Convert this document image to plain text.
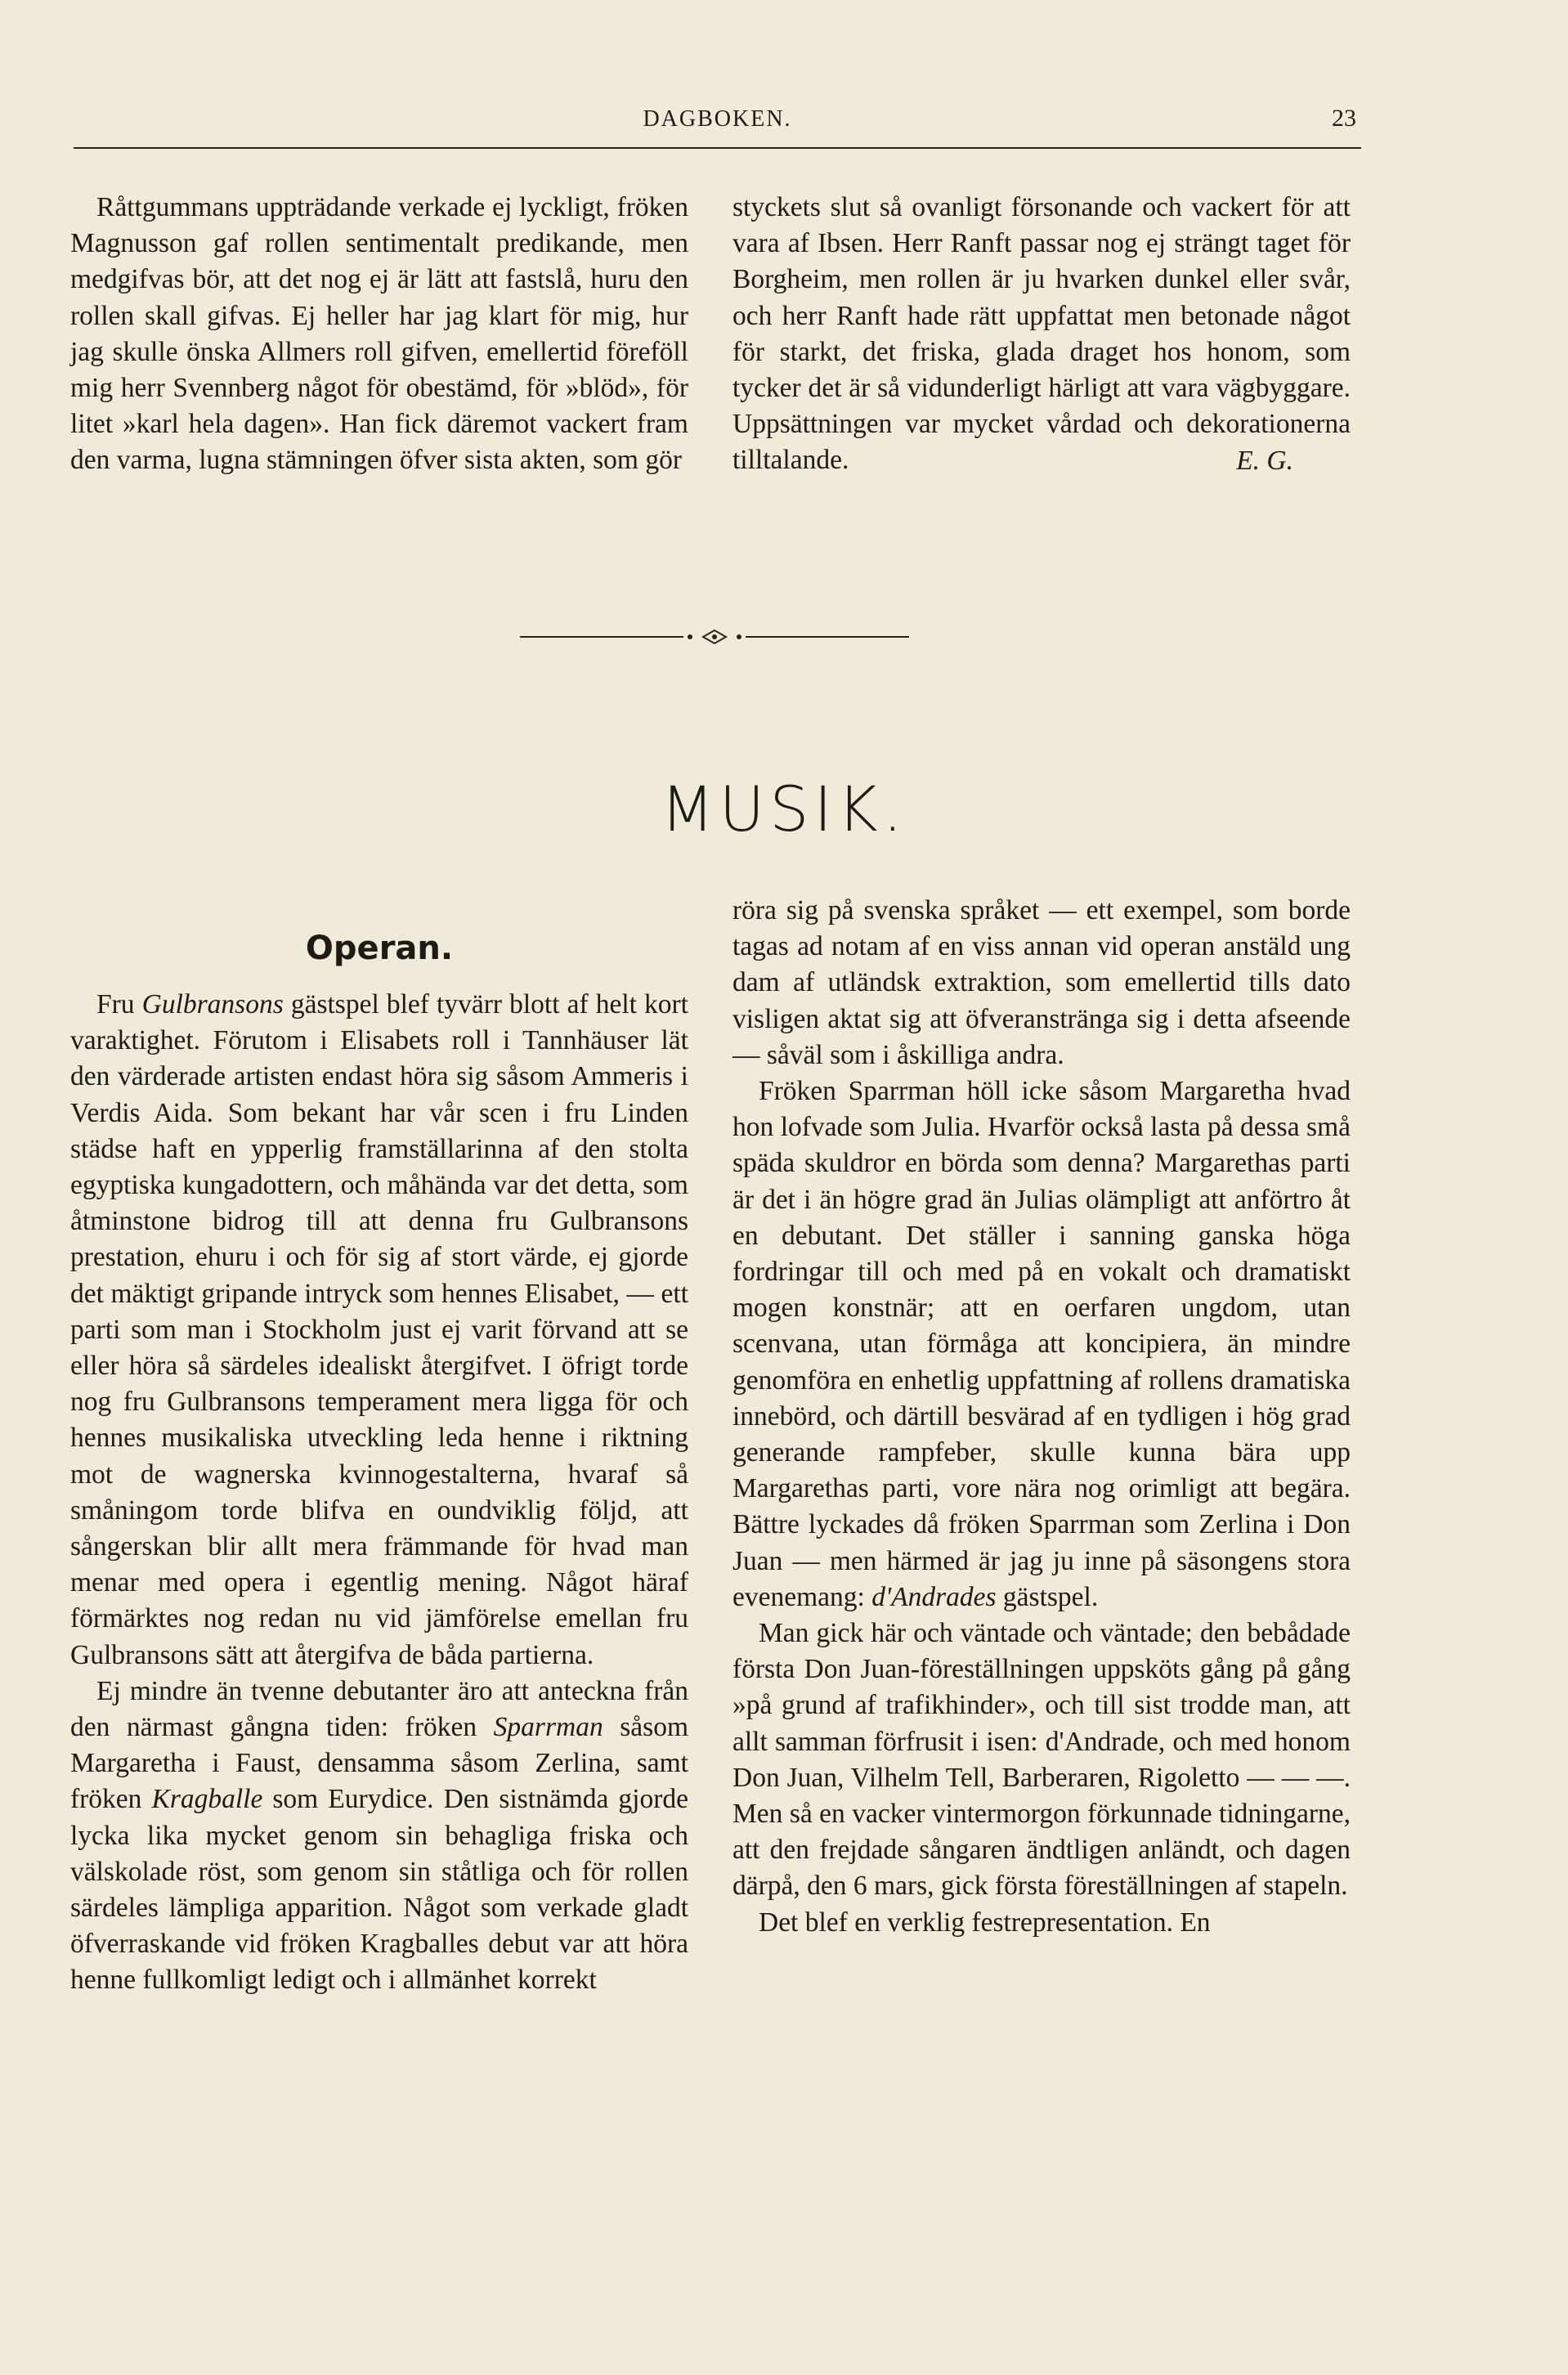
DAGBOKEN.	23

Råttgummans uppträdande verkade ej lyckligt, fröken Magnusson gaf rollen sentimentalt predikande, men medgifvas bör, att det nog ej är lätt att fastslå, huru den rollen skall gifvas. Ej heller har jag klart för mig, hur jag skulle önska Allmers roll gifven, emellertid föreföll mig herr Svennberg något för obestämd, för »blöd», för litet »karl hela dagen». Han fick däremot vackert fram den varma, lugna stämningen öfver sista akten, som gör

styckets slut så ovanligt försonande och vackert för att vara af Ibsen. Herr Ranft passar nog ej strängt taget för Borgheim, men rollen är ju hvarken dunkel eller svår, och herr Ranft hade rätt uppfattat men betonade något för starkt, det friska, glada draget hos honom, som tycker det är så vidunderligt härligt att vara vägbyggare. Uppsättningen var mycket vårdad och dekorationerna tilltalande.	E. G.
MUSIK.
Operan.

Fru Gulbransons gästspel blef tyvärr blott af helt kort varaktighet. Förutom i Elisabets roll i Tannhäuser lät den värderade artisten endast höra sig såsom Ammeris i Verdis Aida. Som bekant har vår scen i fru Linden städse haft en ypperlig framställarinna af den stolta egyptiska kungadottern, och måhända var det detta, som åtminstone bidrog till att denna fru Gulbransons prestation, ehuru i och för sig af stort värde, ej gjorde det mäktigt gripande intryck som hennes Elisabet, — ett parti som man i Stockholm just ej varit förvand att se eller höra så särdeles idealiskt återgifvet. I öfrigt torde nog fru Gulbransons temperament mera ligga för och hennes musikaliska utveckling leda henne i riktning mot de wagnerska kvinnogestalterna, hvaraf så småningom torde blifva en oundviklig följd, att sångerskan blir allt mera främmande för hvad man menar med opera i egentlig mening. Något häraf förmärktes nog redan nu vid jämförelse emellan fru Gulbransons sätt att återgifva de båda partierna.

Ej mindre än tvenne debutanter äro att anteckna från den närmast gångna tiden: fröken Sparrman såsom Margaretha i Faust, densamma såsom Zerlina, samt fröken Kragballe som Eurydice. Den sistnämda gjorde lycka lika mycket genom sin behagliga friska och välskolade röst, som genom sin ståtliga och för rollen särdeles lämpliga apparition. Något som verkade gladt öfverraskande vid fröken Kragballes debut var att höra henne fullkomligt ledigt och i allmänhet korrekt

röra sig på svenska språket — ett exempel, som borde tagas ad notam af en viss annan vid operan anstäld ung dam af utländsk extraktion, som emellertid tills dato visligen aktat sig att öfveranstränga sig i detta afseende — såväl som i åskilliga andra.

Fröken Sparrman höll icke såsom Margaretha hvad hon lofvade som Julia. Hvarför också lasta på dessa små späda skuldror en börda som denna? Margarethas parti är det i än högre grad än Julias olämpligt att anförtro åt en debutant. Det ställer i sanning ganska höga fordringar till och med på en vokalt och dramatiskt mogen konstnär; att en oerfaren ungdom, utan scenvana, utan förmåga att koncipiera, än mindre genomföra en enhetlig uppfattning af rollens dramatiska innebörd, och därtill besvärad af en tydligen i hög grad generande rampfeber, skulle kunna bära upp Margarethas parti, vore nära nog orimligt att begära. Bättre lyckades då fröken Sparrman som Zerlina i Don Juan — men härmed är jag ju inne på säsongens stora evenemang: d'Andrades gästspel.

Man gick här och väntade och väntade; den bebådade första Don Juan-föreställningen uppsköts gång på gång »på grund af trafikhinder», och till sist trodde man, att allt samman förfrusit i isen: d'Andrade, och med honom Don Juan, Vilhelm Tell, Barberaren, Rigoletto — — —. Men så en vacker vintermorgon förkunnade tidningarne, att den frejdade sångaren ändtligen anländt, och dagen därpå, den 6 mars, gick första föreställningen af stapeln.

Det blef en verklig festrepresentation. En
